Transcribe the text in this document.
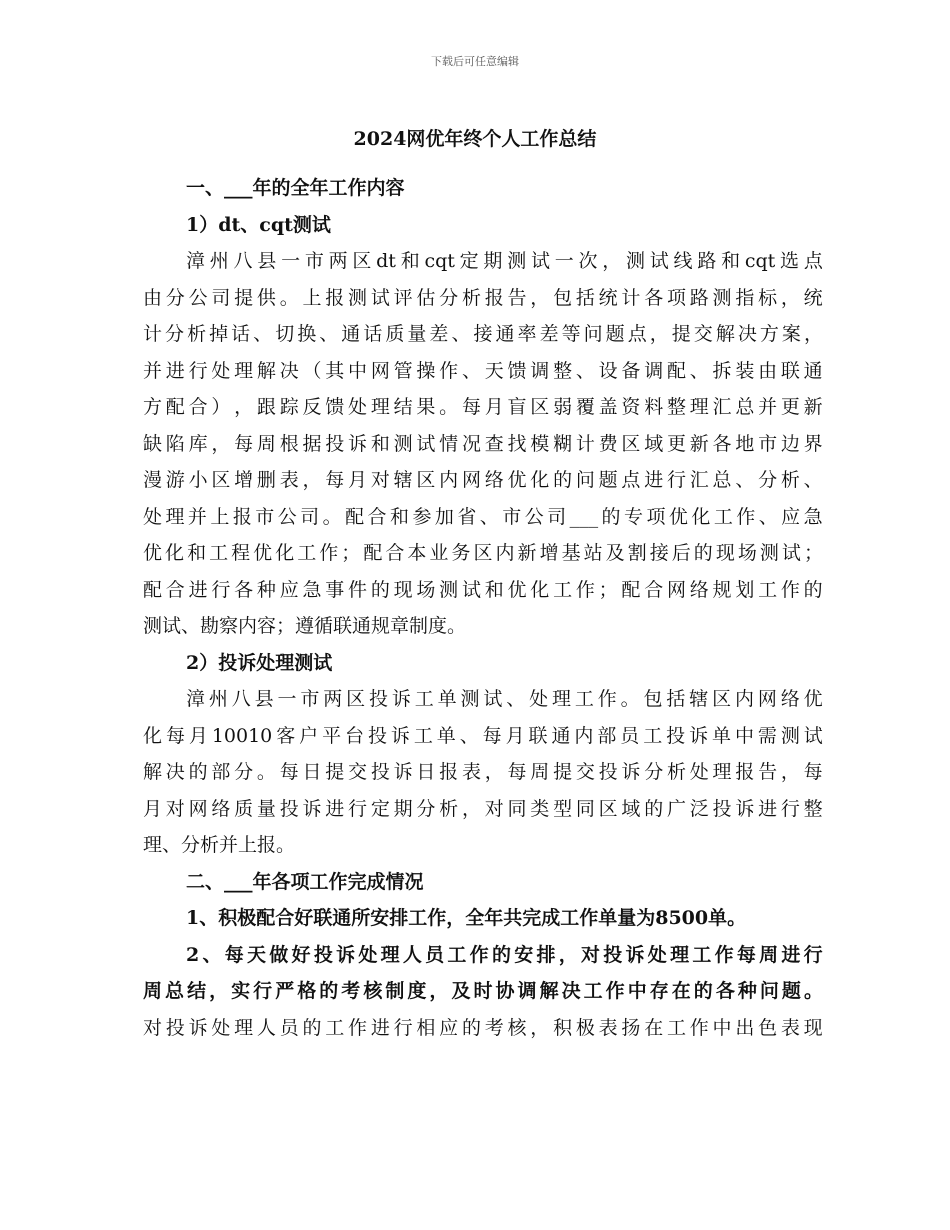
下载后可任意编辑
2024网优年终个人工作总结
一、___年的全年工作内容
1）dt、cqt测试
漳 州 八 县 一 市 两 区 dt 和 cqt 定 期 测 试 一 次 ， 测 试 线 路 和 cqt 选 点
由 分 公 司 提 供 。 上 报 测 试 评 估 分 析 报 告 ， 包 括 统 计 各 项 路 测 指 标 ， 统
计 分 析 掉 话 、 切 换 、 通 话 质 量 差 、 接 通 率 差 等 问 题 点 ， 提 交 解 决 方 案 ，
并 进 行 处 理 解 决 （ 其 中 网 管 操 作 、 天 馈 调 整 、 设 备 调 配 、 拆 装 由 联 通
方 配 合 ） ， 跟 踪 反 馈 处 理 结 果 。 每 月 盲 区 弱 覆 盖 资 料 整 理 汇 总 并 更 新
缺 陷 库 ， 每 周 根 据 投 诉 和 测 试 情 况 查 找 模 糊 计 费 区 域 更 新 各 地 市 边 界
漫 游 小 区 增 删 表 ， 每 月 对 辖 区 内 网 络 优 化 的 问 题 点 进 行 汇 总 、 分 析 、
处 理 并 上 报 市 公 司 。 配 合 和 参 加 省 、 市 公 司 ___ 的 专 项 优 化 工 作 、 应 急
优 化 和 工 程 优 化 工 作 ； 配 合 本 业 务 区 内 新 增 基 站 及 割 接 后 的 现 场 测 试 ；
配 合 进 行 各 种 应 急 事 件 的 现 场 测 试 和 优 化 工 作 ； 配 合 网 络 规 划 工 作 的
测试、勘察内容；遵循联通规章制度。
2）投诉处理测试
漳 州 八 县 一 市 两 区 投 诉 工 单 测 试 、 处 理 工 作 。 包 括 辖 区 内 网 络 优
化 每 月 10010 客 户 平 台 投 诉 工 单 、 每 月 联 通 内 部 员 工 投 诉 单 中 需 测 试
解 决 的 部 分 。 每 日 提 交 投 诉 日 报 表 ， 每 周 提 交 投 诉 分 析 处 理 报 告 ， 每
月 对 网 络 质 量 投 诉 进 行 定 期 分 析 ， 对 同 类 型 同 区 域 的 广 泛 投 诉 进 行 整
理、分析并上报。
二、___年各项工作完成情况
1、积极配合好联通所安排工作，全年共完成工作单量为8500单。
2 、 每 天 做 好 投 诉 处 理 人 员 工 作 的 安 排 ， 对 投 诉 处 理 工 作 每 周 进 行
周 总 结 ， 实 行 严 格 的 考 核 制 度 ， 及 时 协 调 解 决 工 作 中 存 在 的 各 种 问 题 。
对 投 诉 处 理 人 员 的 工 作 进 行 相 应 的 考 核 ， 积 极 表 扬 在 工 作 中 出 色 表 现
